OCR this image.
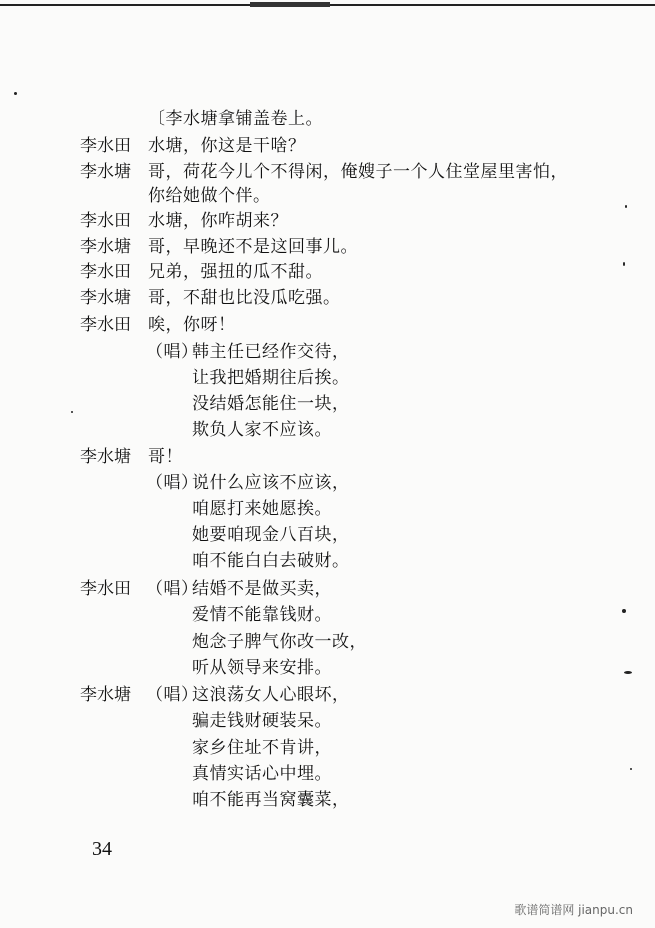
〔李水塘拿铺盖卷上。
李水田 水塘，你这是干啥？
李水塘 哥，荷花今儿个不得闲，俺嫂子一个人住堂屋里害怕，
你给她做个伴。
李水田 水塘，你咋胡来？
李水塘 哥，早晚还不是这回事儿。
李水田 兄弟，强扭的瓜不甜。
李水塘 哥，不甜也比没瓜吃强。
李水田 唉，你呀！
（唱）
韩主任已经作交待，
让我把婚期往后挨。
没结婚怎能住一块，
欺负人家不应该。
李水塘 哥！
（唱）
说什么应该不应该，
咱愿打来她愿挨。
她要咱现金八百块，
咱不能白白去破财。
李水田 （唱）
结婚不是做买卖，
爱情不能靠钱财。
炮念子脾气你改一改，
听从领导来安排。
李水塘 （唱）
这浪荡女人心眼坏，
骗走钱财硬装呆。
家乡住址不肯讲，
真情实话心中埋。
咱不能再当窝囊菜，
34
歌谱简谱网 jianpu.cn
